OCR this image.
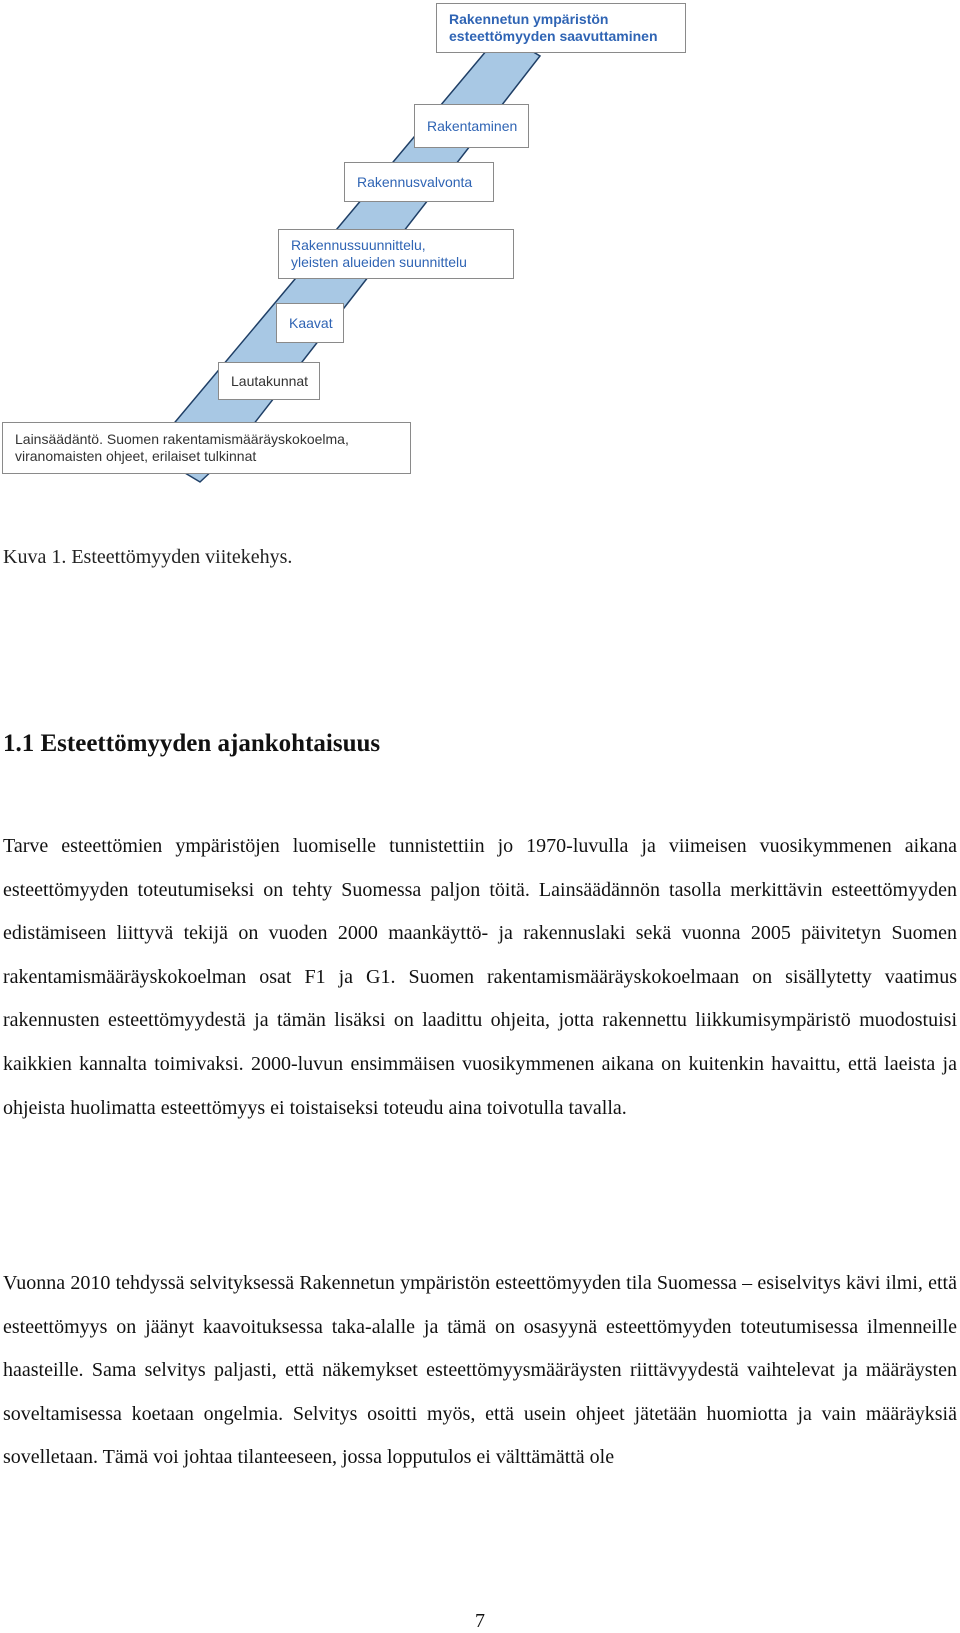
Rakennetun ympäristön
esteettömyyden saavuttaminen
Rakentaminen
Rakennusvalvonta
Rakennussuunnittelu,
yleisten alueiden suunnittelu
Kaavat
Lautakunnat
Lainsäädäntö. Suomen rakentamismääräyskokoelma,
viranomaisten ohjeet, erilaiset tulkinnat

Kuva 1. Esteettömyyden viitekehys.

1.1 Esteettömyyden ajankohtaisuus

Tarve esteettömien ympäristöjen luomiselle tunnistettiin jo 1970-luvulla ja viimeisen vuosikymmenen aikana esteettömyyden toteutumiseksi on tehty Suomessa paljon töitä. Lainsäädännön tasolla merkittävin esteettömyyden edistämiseen liittyvä tekijä on vuoden 2000 maankäyttö- ja rakennuslaki sekä vuonna 2005 päivitetyn Suomen rakentamismääräyskokoelman osat F1 ja G1. Suomen rakentamismääräyskokoelmaan on sisällytetty vaatimus rakennusten esteettömyydestä ja tämän lisäksi on laadittu ohjeita, jotta rakennettu liikkumisympäristö muodostuisi kaikkien kannalta toimivaksi. 2000-luvun ensimmäisen vuosikymmenen aikana on kuitenkin havaittu, että laeista ja ohjeista huolimatta esteettömyys ei toistaiseksi toteudu aina toivotulla tavalla.

Vuonna 2010 tehdyssä selvityksessä Rakennetun ympäristön esteettömyyden tila Suomessa – esiselvitys kävi ilmi, että esteettömyys on jäänyt kaavoituksessa taka-alalle ja tämä on osasyynä esteettömyyden toteutumisessa ilmenneille haasteille. Sama selvitys paljasti, että näkemykset esteettömyysmääräysten riittävyydestä vaihtelevat ja määräysten soveltamisessa koetaan ongelmia. Selvitys osoitti myös, että usein ohjeet jätetään huomiotta ja vain määräyksiä sovelletaan. Tämä voi johtaa tilanteeseen, jossa lopputulos ei välttämättä ole

7
